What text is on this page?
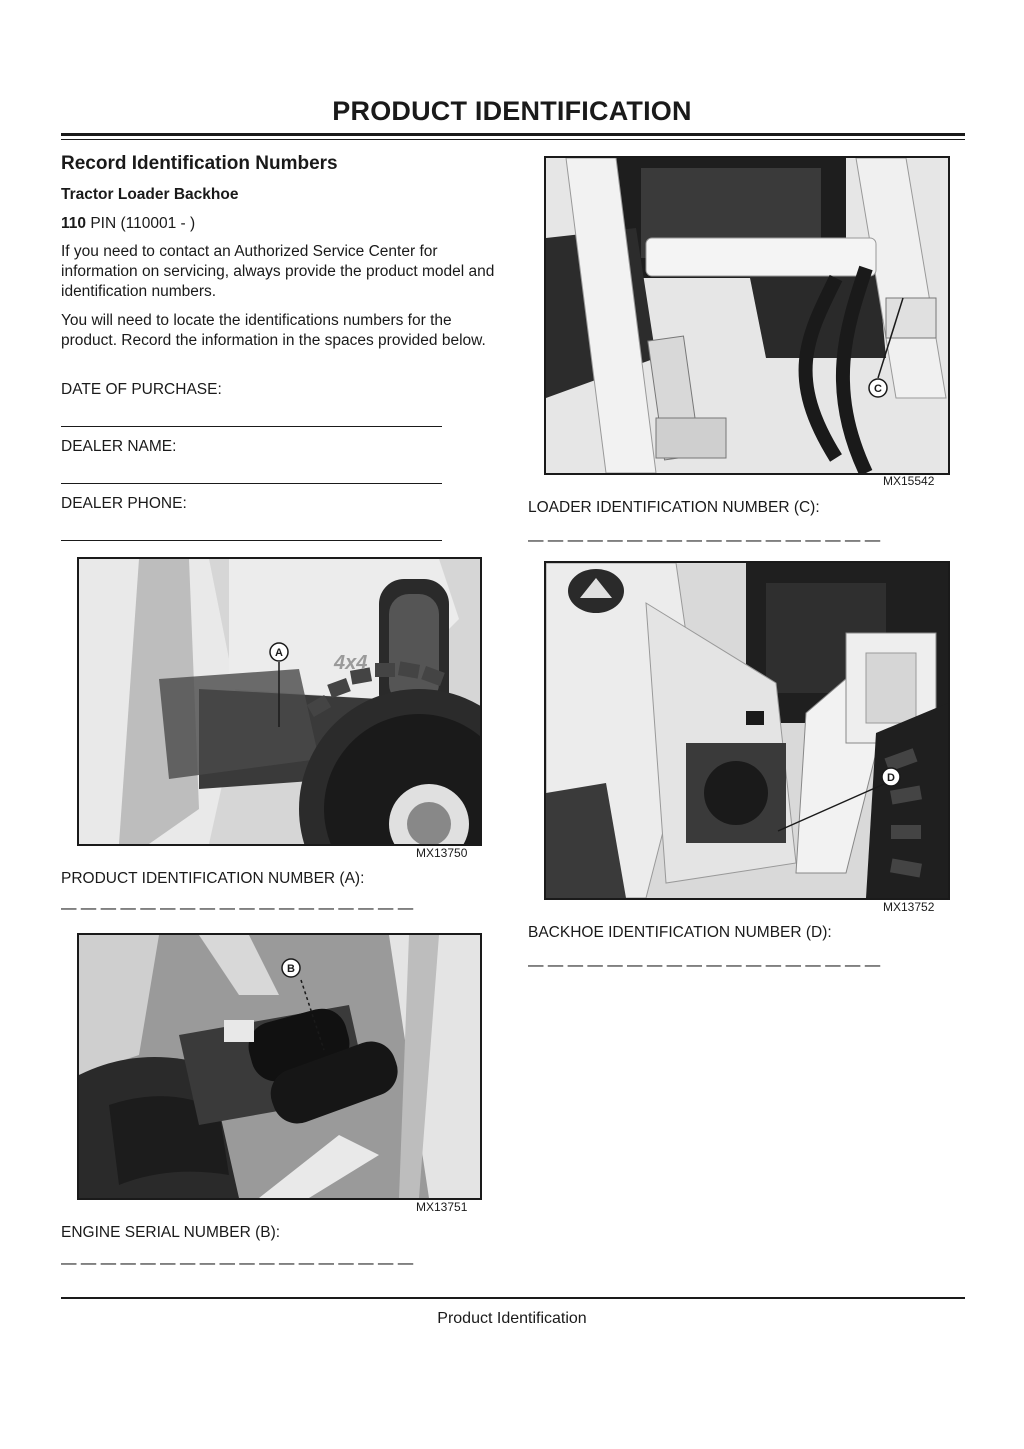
PRODUCT IDENTIFICATION
Record Identification Numbers
Tractor Loader Backhoe
110 PIN (110001 - )
If you need to contact an Authorized Service Center for information on servicing, always provide the product model and identification numbers.
You will need to locate the identifications numbers for the product. Record the information in the spaces provided below.
DATE OF PURCHASE:
DEALER NAME:
DEALER PHONE:
4x4
A
MX13750
PRODUCT IDENTIFICATION NUMBER (A):
— — — — — — — — — — — — — — — — — —
B
MX13751
ENGINE SERIAL NUMBER (B):
— — — — — — — — — — — — — — — — — —
C
MX15542
LOADER IDENTIFICATION NUMBER (C):
— — — — — — — — — — — — — — — — — —
D
MX13752
BACKHOE IDENTIFICATION NUMBER (D):
— — — — — — — — — — — — — — — — — —
Product Identification
